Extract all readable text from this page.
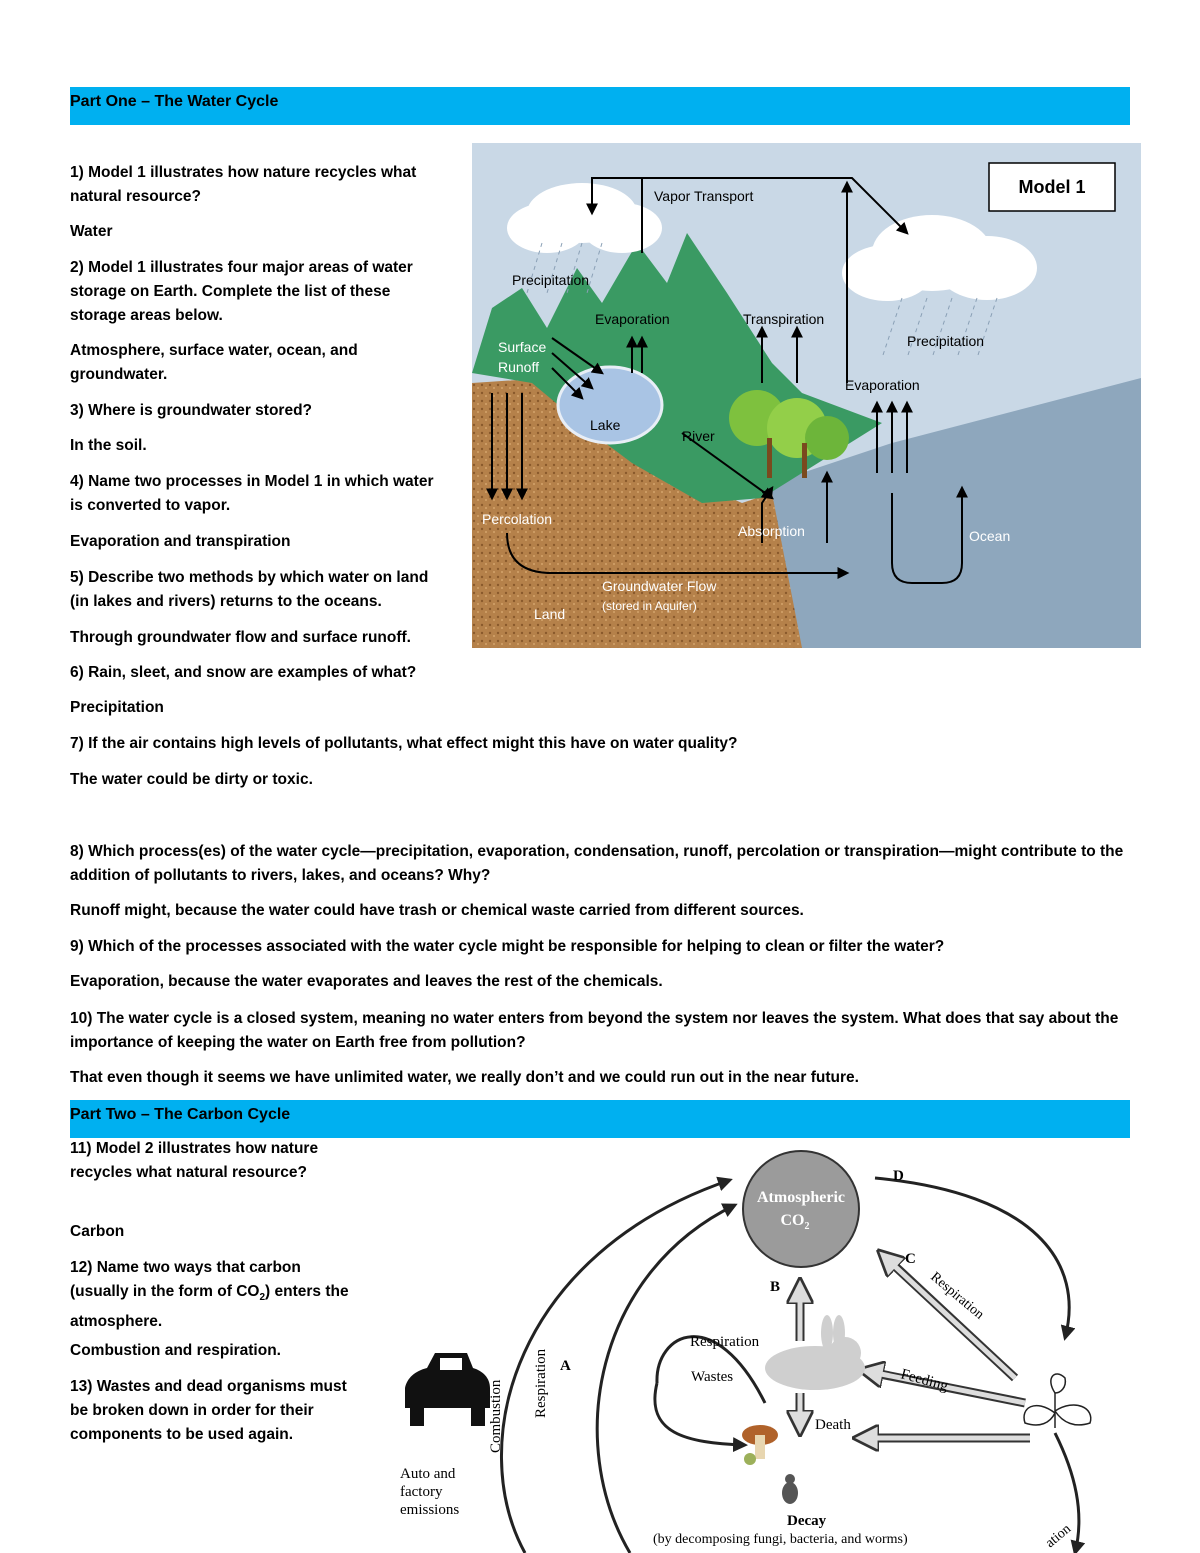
Part One – The Water Cycle
1) Model 1 illustrates how nature recycles what natural resource?
Water
2) Model 1 illustrates four major areas of water storage on Earth. Complete the list of these storage areas below.
Atmosphere, surface water, ocean, and groundwater.
3) Where is groundwater stored?
In the soil.
4) Name two processes in Model 1 in which water is converted to vapor.
Evaporation and transpiration
5) Describe two methods by which water on land (in lakes and rivers) returns to the oceans.
Through groundwater flow and surface runoff.
6) Rain, sleet, and snow are examples of what?
Precipitation
7) If the air contains high levels of pollutants, what effect might this have on water quality?
The water could be dirty or toxic.
8) Which process(es) of the water cycle—precipitation, evaporation, condensation, runoff, percolation or transpiration—might contribute to the addition of pollutants to rivers, lakes, and oceans? Why?
Runoff might, because the water could have trash or chemical waste carried from different sources.
9) Which of the processes associated with the water cycle might be responsible for helping to clean or filter the water?
Evaporation, because the water evaporates and leaves the rest of the chemicals.
10) The water cycle is a closed system, meaning no water enters from beyond the system nor leaves the system. What does that say about the importance of keeping the water on Earth free from pollution?
That even though it seems we have unlimited water, we really don’t and we could run out in the near future.
Model 1
Vapor Transport
Precipitation
Precipitation
Evaporation
Evaporation
Transpiration
Surface
Runoff
Lake
River
Percolation
Absorption	Ocean
Groundwater Flow
(stored in Aquifer)
Land
Part Two – The Carbon Cycle
11) Model 2 illustrates how nature recycles what natural resource?
Carbon
12) Name two ways that carbon (usually in the form of $CO_2$) enters the atmosphere.
Combustion and respiration.
13) Wastes and dead organisms must be broken down in order for their components to be used again.
Atmospheric
$CO_2$
D
C
B
A
Combustion Respiration
Respiration
Respiration
Wastes
Death
Feeding
Decay
(by decomposing fungi, bacteria, and worms)
Auto and
factory
emissions
ation
